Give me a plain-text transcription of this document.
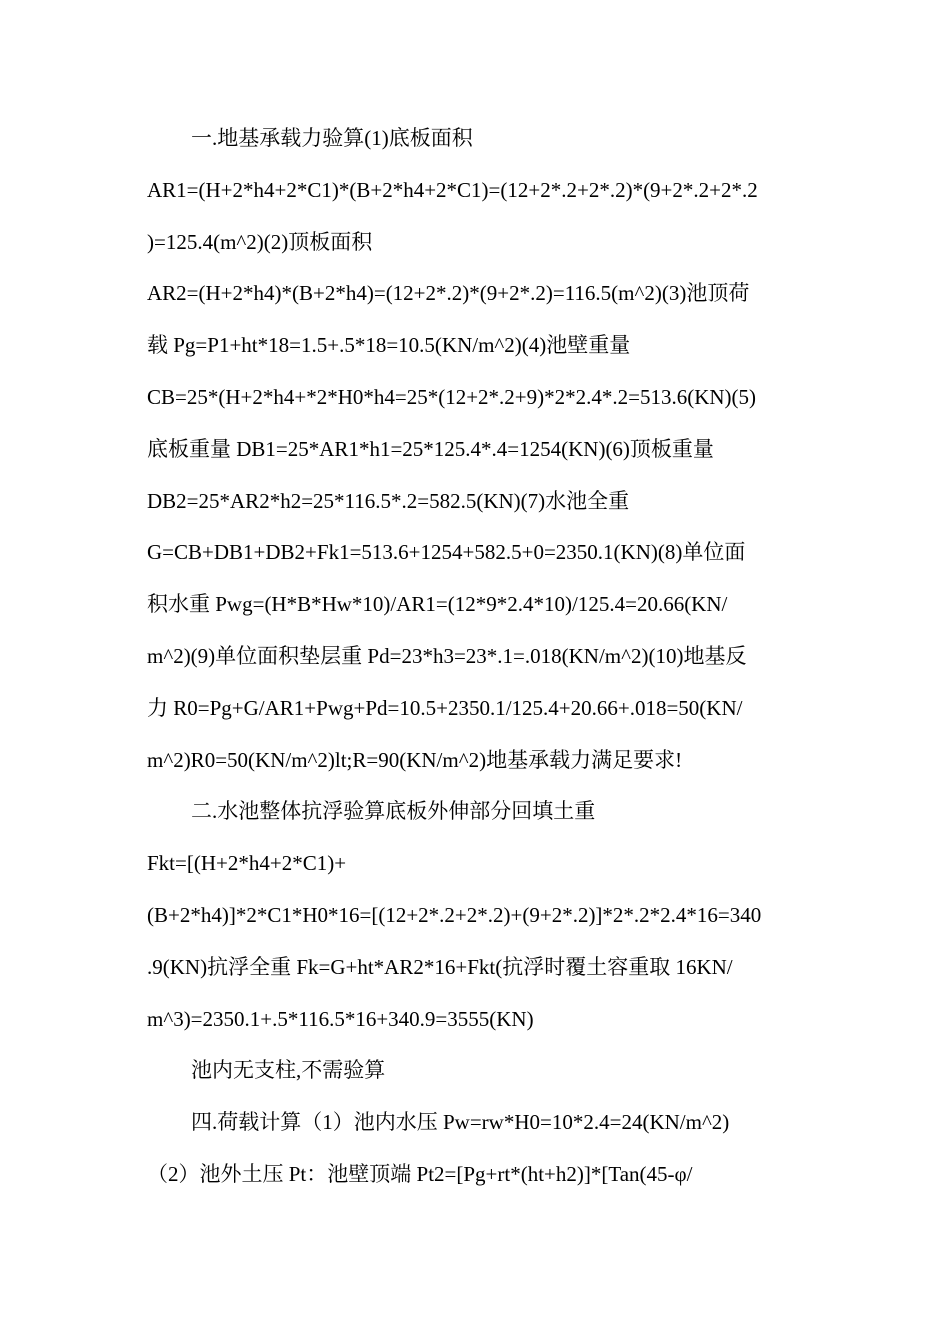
一.地基承载力验算(1)底板面积
AR1=(H+2*h4+2*C1)*(B+2*h4+2*C1)=(12+2*.2+2*.2)*(9+2*.2+2*.2
)=125.4(m^2)(2)顶板面积
AR2=(H+2*h4)*(B+2*h4)=(12+2*.2)*(9+2*.2)=116.5(m^2)(3)池顶荷
载 Pg=P1+ht*18=1.5+.5*18=10.5(KN/m^2)(4)池壁重量
CB=25*(H+2*h4+*2*H0*h4=25*(12+2*.2+9)*2*2.4*.2=513.6(KN)(5)
底板重量 DB1=25*AR1*h1=25*125.4*.4=1254(KN)(6)顶板重量
DB2=25*AR2*h2=25*116.5*.2=582.5(KN)(7)水池全重
G=CB+DB1+DB2+Fk1=513.6+1254+582.5+0=2350.1(KN)(8)单位面
积水重 Pwg=(H*B*Hw*10)/AR1=(12*9*2.4*10)/125.4=20.66(KN/
m^2)(9)单位面积垫层重 Pd=23*h3=23*.1=.018(KN/m^2)(10)地基反
力 R0=Pg+G/AR1+Pwg+Pd=10.5+2350.1/125.4+20.66+.018=50(KN/
m^2)R0=50(KN/m^2)lt;R=90(KN/m^2)地基承载力满足要求!
二.水池整体抗浮验算底板外伸部分回填土重
Fkt=[(H+2*h4+2*C1)+
(B+2*h4)]*2*C1*H0*16=[(12+2*.2+2*.2)+(9+2*.2)]*2*.2*2.4*16=340
.9(KN)抗浮全重 Fk=G+ht*AR2*16+Fkt(抗浮时覆土容重取 16KN/
m^3)=2350.1+.5*116.5*16+340.9=3555(KN)
池内无支柱,不需验算
四.荷载计算（1）池内水压 Pw=rw*H0=10*2.4=24(KN/m^2)
（2）池外土压 Pt：池壁顶端 Pt2=[Pg+rt*(ht+h2)]*[Tan(45-φ/
